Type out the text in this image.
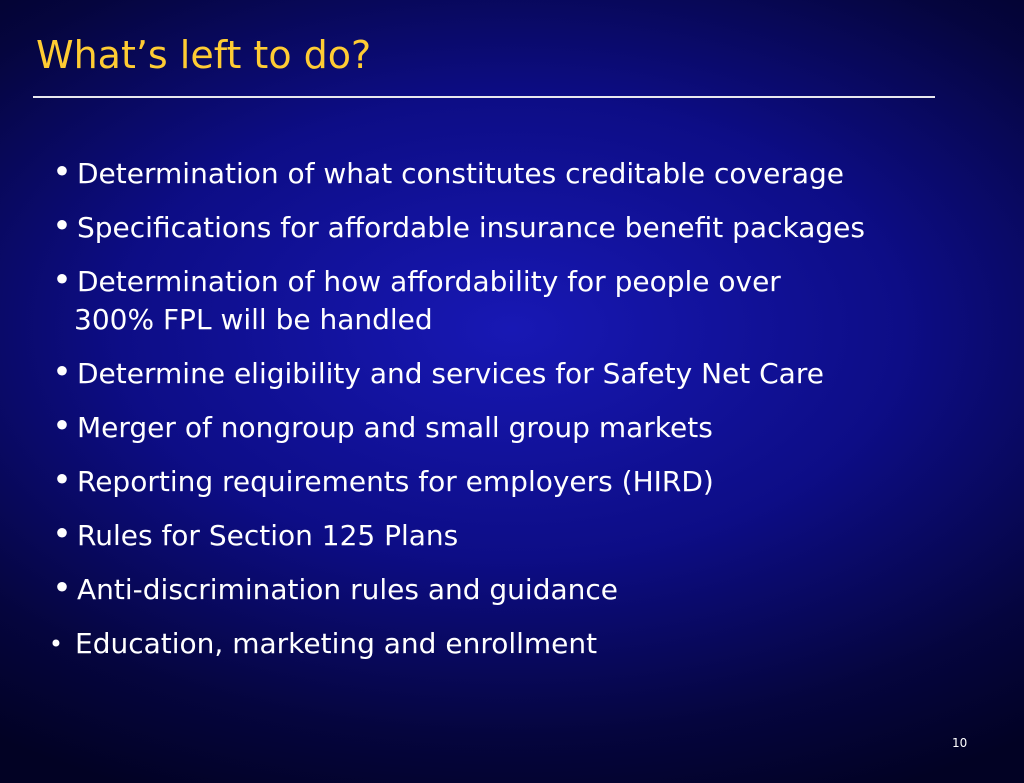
What’s left to do?
• Determination of what constitutes creditable coverage
• Specifications for affordable insurance benefit packages
• Determination of how affordability for people over
300% FPL will be handled
• Determine eligibility and services for Safety Net Care
• Merger of nongroup and small group markets
• Reporting requirements for employers (HIRD)
• Rules for Section 125 Plans
• Anti-discrimination rules and guidance
• Education, marketing and enrollment
10
